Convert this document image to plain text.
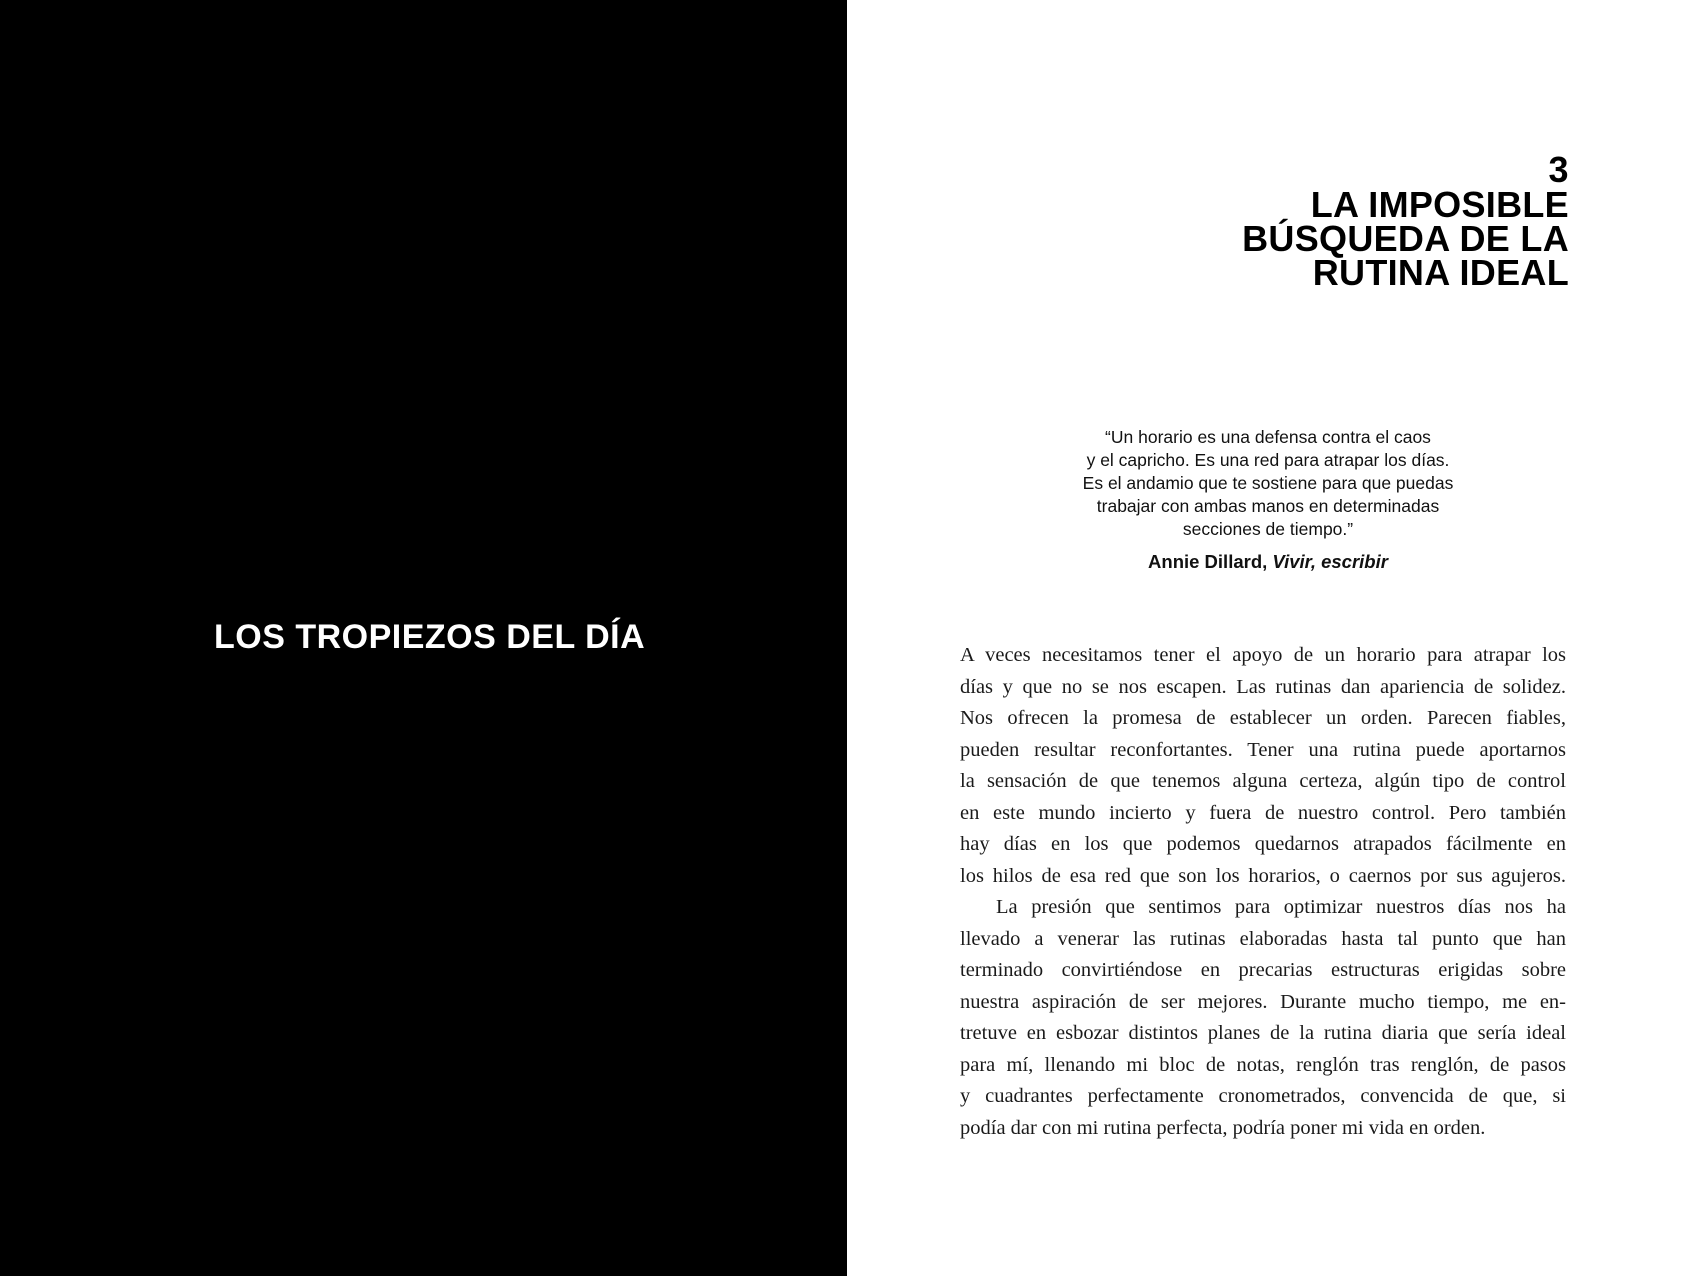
LOS TROPIEZOS DEL DÍA
3
LA IMPOSIBLE
BÚSQUEDA DE LA
RUTINA IDEAL
“Un horario es una defensa contra el caos
y el capricho. Es una red para atrapar los días.
Es el andamio que te sostiene para que puedas
trabajar con ambas manos en determinadas
secciones de tiempo.”
Annie Dillard, Vivir, escribir
A veces necesitamos tener el apoyo de un horario para atrapar los
días y que no se nos escapen. Las rutinas dan apariencia de solidez.
Nos ofrecen la promesa de establecer un orden. Parecen fiables,
pueden resultar reconfortantes. Tener una rutina puede aportarnos
la sensación de que tenemos alguna certeza, algún tipo de control
en este mundo incierto y fuera de nuestro control. Pero también
hay días en los que podemos quedarnos atrapados fácilmente en
los hilos de esa red que son los horarios, o caernos por sus agujeros.
La presión que sentimos para optimizar nuestros días nos ha
llevado a venerar las rutinas elaboradas hasta tal punto que han
terminado convirtiéndose en precarias estructuras erigidas sobre
nuestra aspiración de ser mejores. Durante mucho tiempo, me en-
tretuve en esbozar distintos planes de la rutina diaria que sería ideal
para mí, llenando mi bloc de notas, renglón tras renglón, de pasos
y cuadrantes perfectamente cronometrados, convencida de que, si
podía dar con mi rutina perfecta, podría poner mi vida en orden.
